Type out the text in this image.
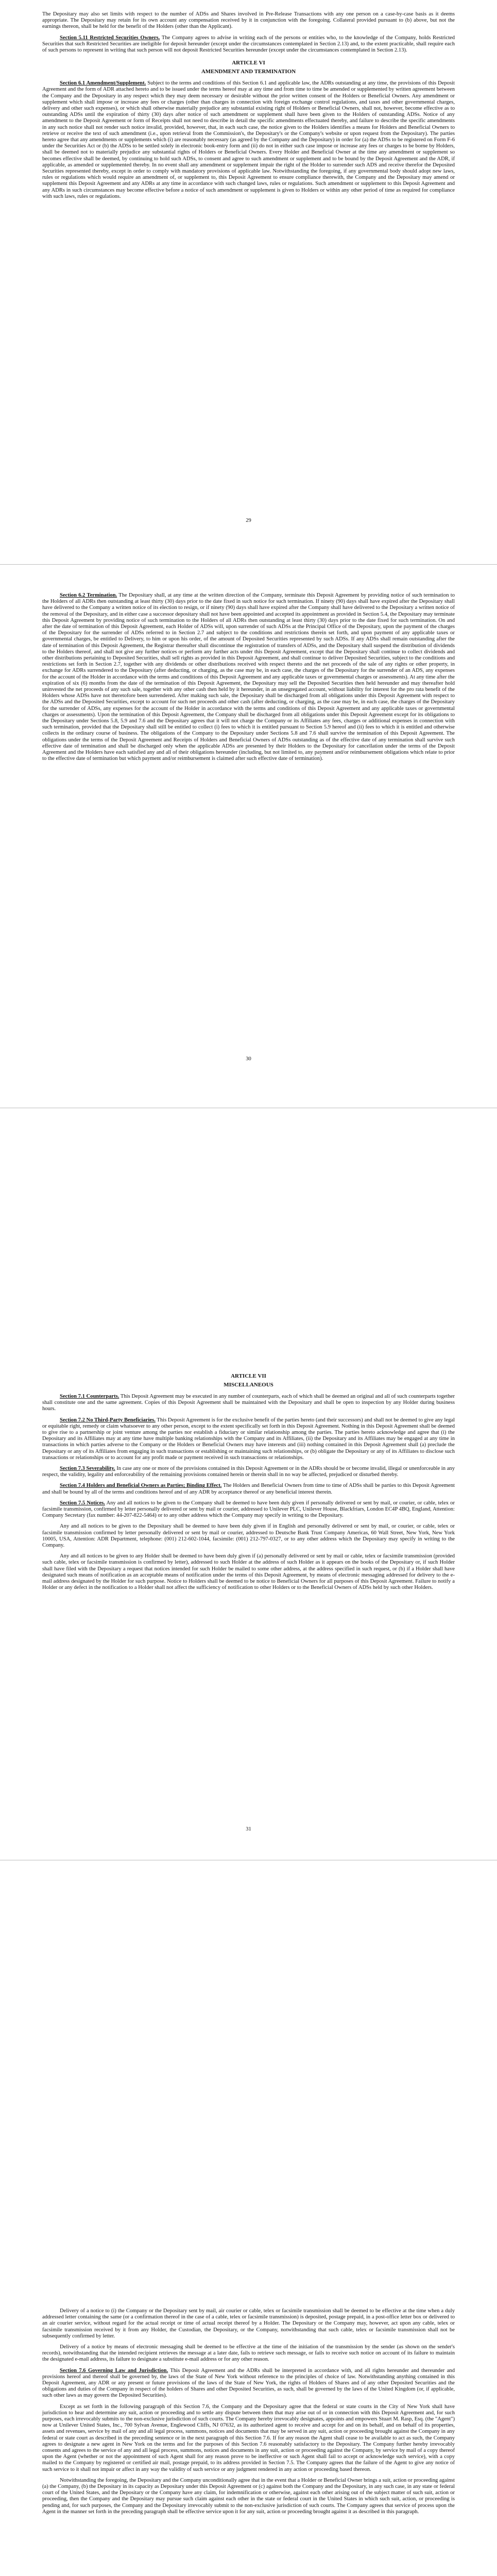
The Depositary may also set limits with respect to the number of ADSs and Shares involved in Pre-Release Transactions with any one person on a case-by-case basis as it deems appropriate. The Depositary may retain for its own account any compensation received by it in conjunction with the foregoing. Collateral provided pursuant to (b) above, but not the earnings thereon, shall be held for the benefit of the Holders (other than the Applicant).

Section 5.11 Restricted Securities Owners. The Company agrees to advise in writing each of the persons or entities who, to the knowledge of the Company, holds Restricted Securities that such Restricted Securities are ineligible for deposit hereunder (except under the circumstances contemplated in Section 2.13) and, to the extent practicable, shall require each of such persons to represent in writing that such person will not deposit Restricted Securities hereunder (except under the circumstances contemplated in Section 2.13).

ARTICLE VI
AMENDMENT AND TERMINATION

Section 6.1 Amendment/Supplement. Subject to the terms and conditions of this Section 6.1 and applicable law, the ADRs outstanding at any time, the provisions of this Deposit Agreement and the form of ADR attached hereto and to be issued under the terms hereof may at any time and from time to time be amended or supplemented by written agreement between the Company and the Depositary in any respect which they may deem necessary or desirable without the prior written consent of the Holders or Beneficial Owners. Any amendment or supplement which shall impose or increase any fees or charges (other than charges in connection with foreign exchange control regulations, and taxes and other governmental charges, delivery and other such expenses), or which shall otherwise materially prejudice any substantial existing right of Holders or Beneficial Owners, shall not, however, become effective as to outstanding ADSs until the expiration of thirty (30) days after notice of such amendment or supplement shall have been given to the Holders of outstanding ADSs. Notice of any amendment to the Deposit Agreement or form of Receipts shall not need to describe in detail the specific amendments effectuated thereby, and failure to describe the specific amendments in any such notice shall not render such notice invalid, provided, however, that, in each such case, the notice given to the Holders identifies a means for Holders and Beneficial Owners to retrieve or receive the text of such amendment (i.e., upon retrieval from the Commission's, the Depositary's or the Company's website or upon request from the Depositary). The parties hereto agree that any amendments or supplements which (i) are reasonably necessary (as agreed by the Company and the Depositary) in order for (a) the ADSs to be registered on Form F-6 under the Securities Act or (b) the ADSs to be settled solely in electronic book-entry form and (ii) do not in either such case impose or increase any fees or charges to be borne by Holders, shall be deemed not to materially prejudice any substantial rights of Holders or Beneficial Owners. Every Holder and Beneficial Owner at the time any amendment or supplement so becomes effective shall be deemed, by continuing to hold such ADSs, to consent and agree to such amendment or supplement and to be bound by the Deposit Agreement and the ADR, if applicable, as amended or supplemented thereby. In no event shall any amendment or supplement impair the right of the Holder to surrender such ADS and receive therefor the Deposited Securities represented thereby, except in order to comply with mandatory provisions of applicable law. Notwithstanding the foregoing, if any governmental body should adopt new laws, rules or regulations which would require an amendment of, or supplement to, this Deposit Agreement to ensure compliance therewith, the Company and the Depositary may amend or supplement this Deposit Agreement and any ADRs at any time in accordance with such changed laws, rules or regulations. Such amendment or supplement to this Deposit Agreement and any ADRs in such circumstances may become effective before a notice of such amendment or supplement is given to Holders or within any other period of time as required for compliance with such laws, rules or regulations.

29

Section 6.2 Termination. The Depositary shall, at any time at the written direction of the Company, terminate this Deposit Agreement by providing notice of such termination to the Holders of all ADRs then outstanding at least thirty (30) days prior to the date fixed in such notice for such termination. If ninety (90) days shall have expired after the Depositary shall have delivered to the Company a written notice of its election to resign, or if ninety (90) days shall have expired after the Company shall have delivered to the Depositary a written notice of the removal of the Depositary, and in either case a successor depositary shall not have been appointed and accepted its appointment as provided in Section 5.4, the Depositary may terminate this Deposit Agreement by providing notice of such termination to the Holders of all ADRs then outstanding at least thirty (30) days prior to the date fixed for such termination. On and after the date of termination of this Deposit Agreement, each Holder of ADSs will, upon surrender of such ADSs at the Principal Office of the Depositary, upon the payment of the charges of the Depositary for the surrender of ADSs referred to in Section 2.7 and subject to the conditions and restrictions therein set forth, and upon payment of any applicable taxes or governmental charges, be entitled to Delivery, to him or upon his order, of the amount of Deposited Securities represented by such ADSs. If any ADSs shall remain outstanding after the date of termination of this Deposit Agreement, the Registrar thereafter shall discontinue the registration of transfers of ADSs, and the Depositary shall suspend the distribution of dividends to the Holders thereof, and shall not give any further notices or perform any further acts under this Deposit Agreement, except that the Depositary shall continue to collect dividends and other distributions pertaining to Deposited Securities, shall sell rights as provided in this Deposit Agreement, and shall continue to deliver Deposited Securities, subject to the conditions and restrictions set forth in Section 2.7, together with any dividends or other distributions received with respect thereto and the net proceeds of the sale of any rights or other property, in exchange for ADRs surrendered to the Depositary (after deducting, or charging, as the case may be, in each case, the charges of the Depositary for the surrender of an ADS, any expenses for the account of the Holder in accordance with the terms and conditions of this Deposit Agreement and any applicable taxes or governmental charges or assessments). At any time after the expiration of six (6) months from the date of the termination of this Deposit Agreement, the Depositary may sell the Deposited Securities then held hereunder and may thereafter hold uninvested the net proceeds of any such sale, together with any other cash then held by it hereunder, in an unsegregated account, without liability for interest for the pro rata benefit of the Holders whose ADSs have not theretofore been surrendered. After making such sale, the Depositary shall be discharged from all obligations under this Deposit Agreement with respect to the ADSs and the Deposited Securities, except to account for such net proceeds and other cash (after deducting, or charging, as the case may be, in each case, the charges of the Depositary for the surrender of ADSs, any expenses for the account of the Holder in accordance with the terms and conditions of this Deposit Agreement and any applicable taxes or governmental charges or assessments). Upon the termination of this Deposit Agreement, the Company shall be discharged from all obligations under this Deposit Agreement except for its obligations to the Depositary under Sections 5.8, 5.9 and 7.6 and the Depositary agrees that it will not charge the Company or its Affiliates any fees, charges or additional expenses in connection with such termination, provided that the Depositary shall still be entitled to collect (i) fees to which it is entitled pursuant to Section 5.9 hereof and (ii) fees to which it is entitled and otherwise collects in the ordinary course of business. The obligations of the Company to the Depositary under Sections 5.8 and 7.6 shall survive the termination of this Deposit Agreement. The obligations under the terms of the Deposit Agreement and Receipts of Holders and Beneficial Owners of ADSs outstanding as of the effective date of any termination shall survive such effective date of termination and shall be discharged only when the applicable ADSs are presented by their Holders to the Depositary for cancellation under the terms of the Deposit Agreement and the Holders have each satisfied any and all of their obligations hereunder (including, but not limited to, any payment and/or reimbursement obligations which relate to prior to the effective date of termination but which payment and/or reimbursement is claimed after such effective date of termination).

30
ARTICLE VII
MISCELLANEOUS

Section 7.1 Counterparts. This Deposit Agreement may be executed in any number of counterparts, each of which shall be deemed an original and all of such counterparts together shall constitute one and the same agreement. Copies of this Deposit Agreement shall be maintained with the Depositary and shall be open to inspection by any Holder during business hours.

Section 7.2 No Third-Party Beneficiaries. This Deposit Agreement is for the exclusive benefit of the parties hereto (and their successors) and shall not be deemed to give any legal or equitable right, remedy or claim whatsoever to any other person, except to the extent specifically set forth in this Deposit Agreement. Nothing in this Deposit Agreement shall be deemed to give rise to a partnership or joint venture among the parties nor establish a fiduciary or similar relationship among the parties. The parties hereto acknowledge and agree that (i) the Depositary and its Affiliates may at any time have multiple banking relationships with the Company and its Affiliates, (ii) the Depositary and its Affiliates may be engaged at any time in transactions in which parties adverse to the Company or the Holders or Beneficial Owners may have interests and (iii) nothing contained in this Deposit Agreement shall (a) preclude the Depositary or any of its Affiliates from engaging in such transactions or establishing or maintaining such relationships, or (b) obligate the Depositary or any of its Affiliates to disclose such transactions or relationships or to account for any profit made or payment received in such transactions or relationships.

Section 7.3 Severability. In case any one or more of the provisions contained in this Deposit Agreement or in the ADRs should be or become invalid, illegal or unenforceable in any respect, the validity, legality and enforceability of the remaining provisions contained herein or therein shall in no way be affected, prejudiced or disturbed thereby.

Section 7.4 Holders and Beneficial Owners as Parties; Binding Effect. The Holders and Beneficial Owners from time to time of ADSs shall be parties to this Deposit Agreement and shall be bound by all of the terms and conditions hereof and of any ADR by acceptance thereof or any beneficial interest therein.

Section 7.5 Notices. Any and all notices to be given to the Company shall be deemed to have been duly given if personally delivered or sent by mail, or courier, or cable, telex or facsimile transmission, confirmed by letter personally delivered or sent by mail or courier, addressed to Unilever PLC, Unilever House, Blackfriars, London EC4P 4BQ, England, Attention: Company Secretary (fax number: 44-207-822-5464) or to any other address which the Company may specify in writing to the Depositary.

Any and all notices to be given to the Depositary shall be deemed to have been duly given if in English and personally delivered or sent by mail, or courier, or cable, telex or facsimile transmission confirmed by letter personally delivered or sent by mail or courier, addressed to Deutsche Bank Trust Company Americas, 60 Wall Street, New York, New York 10005, USA, Attention: ADR Department, telephone: (001) 212-602-1044, facsimile: (001) 212-797-0327, or to any other address which the Depositary may specify in writing to the Company.

Any and all notices to be given to any Holder shall be deemed to have been duly given if (a) personally delivered or sent by mail or cable, telex or facsimile transmission (provided such cable, telex or facsimile transmission is confirmed by letter), addressed to such Holder at the address of such Holder as it appears on the books of the Depositary or, if such Holder shall have filed with the Depositary a request that notices intended for such Holder be mailed to some other address, at the address specified in such request, or (b) if a Holder shall have designated such means of notification as an acceptable means of notification under the terms of this Deposit Agreement, by means of electronic messaging addressed for delivery to the e-mail address designated by the Holder for such purpose. Notice to Holders shall be deemed to be notice to Beneficial Owners for all purposes of this Deposit Agreement. Failure to notify a Holder or any defect in the notification to a Holder shall not affect the sufficiency of notification to other Holders or to the Beneficial Owners of ADSs held by such other Holders.

31

Delivery of a notice to (i) the Company or the Depositary sent by mail, air courier or cable, telex or facsimile transmission shall be deemed to be effective at the time when a duly addressed letter containing the same (or a confirmation thereof in the case of a cable, telex or facsimile transmission) is deposited, postage prepaid, in a post-office letter box or delivered to an air courier service, without regard for the actual receipt or time of actual receipt thereof by a Holder. The Depositary or the Company may, however, act upon any cable, telex or facsimile transmission received by it from any Holder, the Custodian, the Depositary, or the Company, notwithstanding that such cable, telex or facsimile transmission shall not be subsequently confirmed by letter.

Delivery of a notice by means of electronic messaging shall be deemed to be effective at the time of the initiation of the transmission by the sender (as shown on the sender's records), notwithstanding that the intended recipient retrieves the message at a later date, fails to retrieve such message, or fails to receive such notice on account of its failure to maintain the designated e-mail address, its failure to designate a substitute e-mail address or for any other reason.

Section 7.6 Governing Law and Jurisdiction. This Deposit Agreement and the ADRs shall be interpreted in accordance with, and all rights hereunder and thereunder and provisions hereof and thereof shall be governed by, the laws of the State of New York without reference to the principles of choice of law. Notwithstanding anything contained in this Deposit Agreement, any ADR or any present or future provisions of the laws of the State of New York, the rights of Holders of Shares and of any other Deposited Securities and the obligations and duties of the Company in respect of the holders of Shares and other Deposited Securities, as such, shall be governed by the laws of the United Kingdom (or, if applicable, such other laws as may govern the Deposited Securities).

Except as set forth in the following paragraph of this Section 7.6, the Company and the Depositary agree that the federal or state courts in the City of New York shall have jurisdiction to hear and determine any suit, action or proceeding and to settle any dispute between them that may arise out of or in connection with this Deposit Agreement and, for such purposes, each irrevocably submits to the non-exclusive jurisdiction of such courts. The Company hereby irrevocably designates, appoints and empowers Stuart M. Rasp, Esq. (the "Agent") now at Unilever United States, Inc., 700 Sylvan Avenue, Englewood Cliffs, NJ 07632, as its authorized agent to receive and accept for and on its behalf, and on behalf of its properties, assets and revenues, service by mail of any and all legal process, summons, notices and documents that may be served in any suit, action or proceeding brought against the Company in any federal or state court as described in the preceding sentence or in the next paragraph of this Section 7.6. If for any reason the Agent shall cease to be available to act as such, the Company agrees to designate a new agent in New York on the terms and for the purposes of this Section 7.6 reasonably satisfactory to the Depositary. The Company further hereby irrevocably consents and agrees to the service of any and all legal process, summons, notices and documents in any suit, action or proceeding against the Company, by service by mail of a copy thereof upon the Agent (whether or not the appointment of such Agent shall for any reason prove to be ineffective or such Agent shall fail to accept or acknowledge such service), with a copy mailed to the Company by registered or certified air mail, postage prepaid, to its address provided in Section 7.5. The Company agrees that the failure of the Agent to give any notice of such service to it shall not impair or affect in any way the validity of such service or any judgment rendered in any action or proceeding based thereon.

Notwithstanding the foregoing, the Depositary and the Company unconditionally agree that in the event that a Holder or Beneficial Owner brings a suit, action or proceeding against (a) the Company, (b) the Depositary in its capacity as Depositary under this Deposit Agreement or (c) against both the Company and the Depositary, in any such case, in any state or federal court of the United States, and the Depositary or the Company have any claim, for indemnification or otherwise, against each other arising out of the subject matter of such suit, action or proceeding, then the Company and the Depositary may pursue such claim against each other in the state or federal court in the United States in which such suit, action, or proceeding is pending and, for such purposes, the Company and the Depositary irrevocably submit to the non-exclusive jurisdiction of such courts. The Company agrees that service of process upon the Agent in the manner set forth in the preceding paragraph shall be effective service upon it for any suit, action or proceeding brought against it as described in this paragraph.
